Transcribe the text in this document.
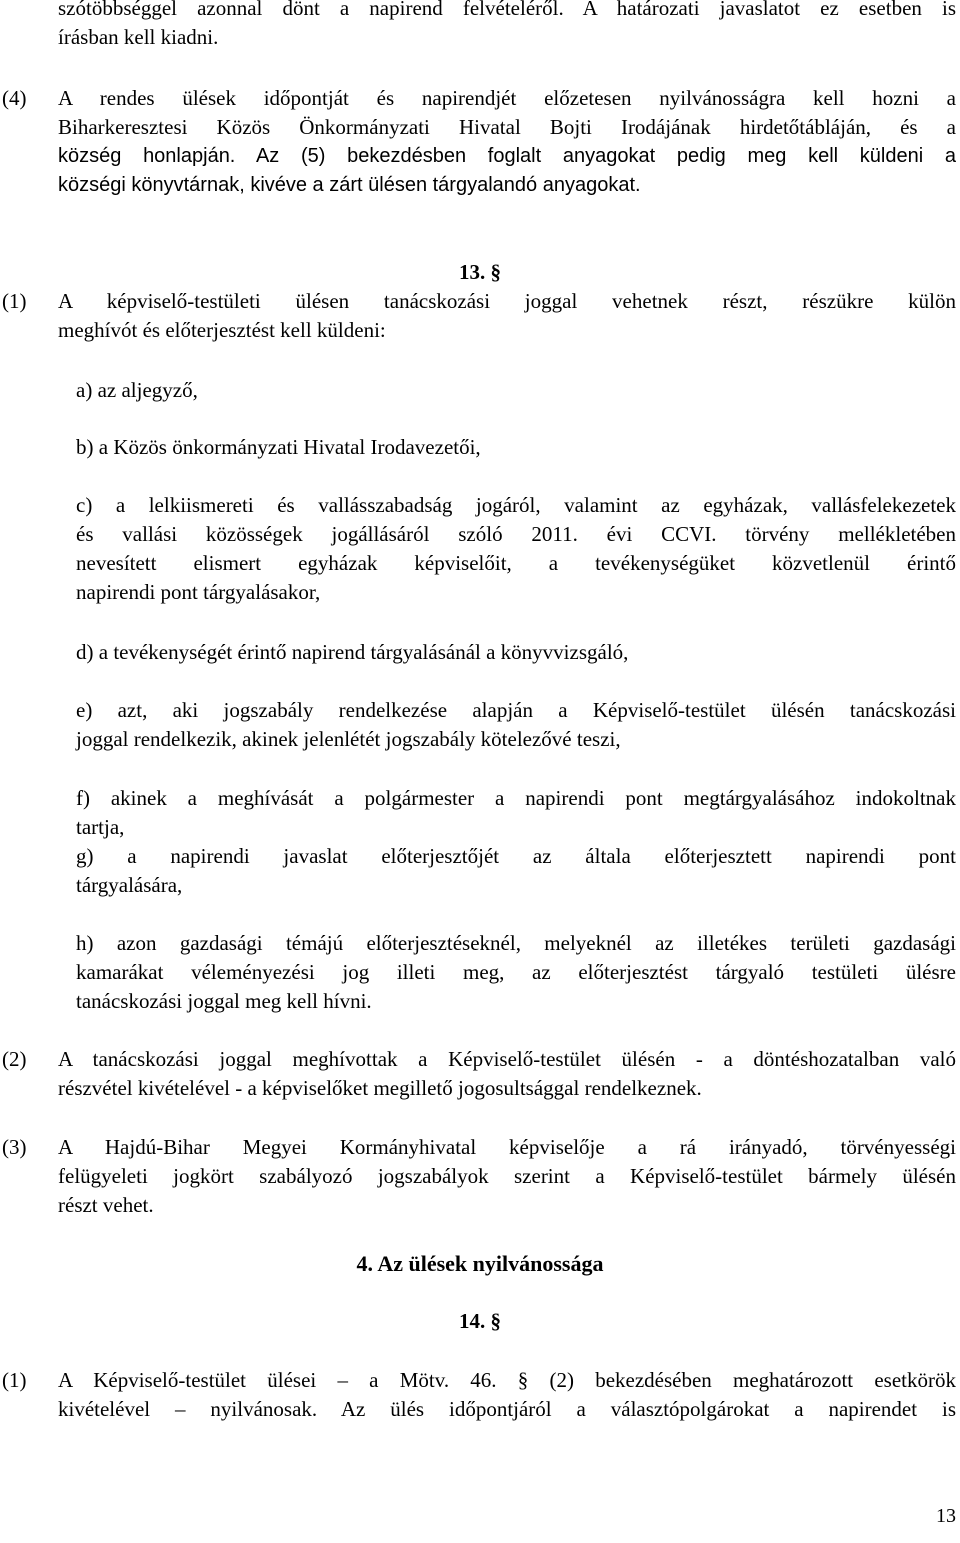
szótöbbséggel azonnal dönt a napirend felvételéről. A határozati javaslatot ez esetben is
írásban kell kiadni.
(4) A rendes ülések időpontját és napirendjét előzetesen nyilvánosságra kell hozni a
Biharkeresztesi Közös Önkormányzati Hivatal Bojti Irodájának hirdetőtábláján, és a
község honlapján. Az (5) bekezdésben foglalt anyagokat pedig meg kell küldeni a
községi könyvtárnak, kivéve a zárt ülésen tárgyalandó anyagokat.
13. §
(1) A képviselő-testületi ülésen tanácskozási joggal vehetnek részt, részükre külön
meghívót és előterjesztést kell küldeni:
a) az aljegyző,
b) a Közös önkormányzati Hivatal Irodavezetői,
c) a lelkiismereti és vallásszabadság jogáról, valamint az egyházak, vallásfelekezetek
és vallási közösségek jogállásáról szóló 2011. évi CCVI. törvény mellékletében
nevesített elismert egyházak képviselőit, a tevékenységüket közvetlenül érintő
napirendi pont tárgyalásakor,
d) a tevékenységét érintő napirend tárgyalásánál a könyvvizsgáló,
e) azt, aki jogszabály rendelkezése alapján a Képviselő-testület ülésén tanácskozási
joggal rendelkezik, akinek jelenlétét jogszabály kötelezővé teszi,
f) akinek a meghívását a polgármester a napirendi pont megtárgyalásához indokoltnak
tartja,
g) a napirendi javaslat előterjesztőjét az általa előterjesztett napirendi pont
tárgyalására,
h) azon gazdasági témájú előterjesztéseknél, melyeknél az illetékes területi gazdasági
kamarákat véleményezési jog illeti meg, az előterjesztést tárgyaló testületi ülésre
tanácskozási joggal meg kell hívni.
(2) A tanácskozási joggal meghívottak a Képviselő-testület ülésén - a döntéshozatalban való
részvétel kivételével - a képviselőket megillető jogosultsággal rendelkeznek.
(3) A Hajdú-Bihar Megyei Kormányhivatal képviselője a rá irányadó, törvényességi
felügyeleti jogkört szabályozó jogszabályok szerint a Képviselő-testület bármely ülésén
részt vehet.
4. Az ülések nyilvánossága
14. §
(1) A Képviselő-testület ülései – a Mötv. 46. § (2) bekezdésében meghatározott esetkörök
kivételével – nyilvánosak. Az ülés időpontjáról a választópolgárokat a napirendet is
13
